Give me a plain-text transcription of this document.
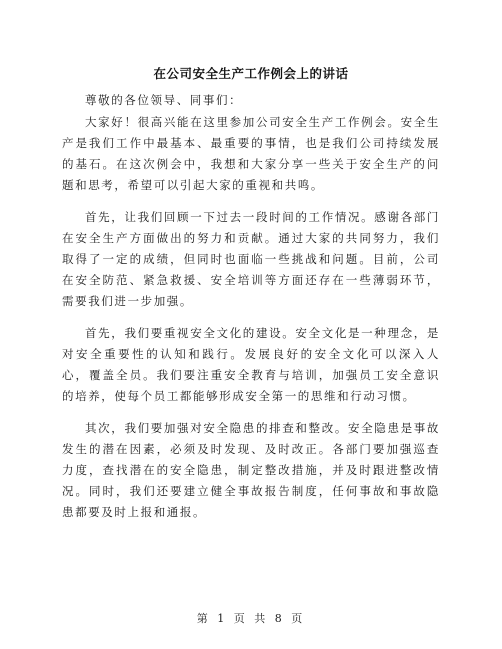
在公司安全生产工作例会上的讲话

尊敬的各位领导、同事们：

大家好！很高兴能在这里参加公司安全生产工作例会。安全生产是我们工作中最基本、最重要的事情，也是我们公司持续发展的基石。在这次例会中，我想和大家分享一些关于安全生产的问题和思考，希望可以引起大家的重视和共鸣。

首先，让我们回顾一下过去一段时间的工作情况。感谢各部门在安全生产方面做出的努力和贡献。通过大家的共同努力，我们取得了一定的成绩，但同时也面临一些挑战和问题。目前，公司在安全防范、紧急救援、安全培训等方面还存在一些薄弱环节，需要我们进一步加强。

首先，我们要重视安全文化的建设。安全文化是一种理念，是对安全重要性的认知和践行。发展良好的安全文化可以深入人心，覆盖全员。我们要注重安全教育与培训，加强员工安全意识的培养，使每个员工都能够形成安全第一的思维和行动习惯。

其次，我们要加强对安全隐患的排查和整改。安全隐患是事故发生的潜在因素，必须及时发现、及时改正。各部门要加强巡查力度，查找潜在的安全隐患，制定整改措施，并及时跟进整改情况。同时，我们还要建立健全事故报告制度，任何事故和事故隐患都要及时上报和通报。

第 1 页 共 8 页
